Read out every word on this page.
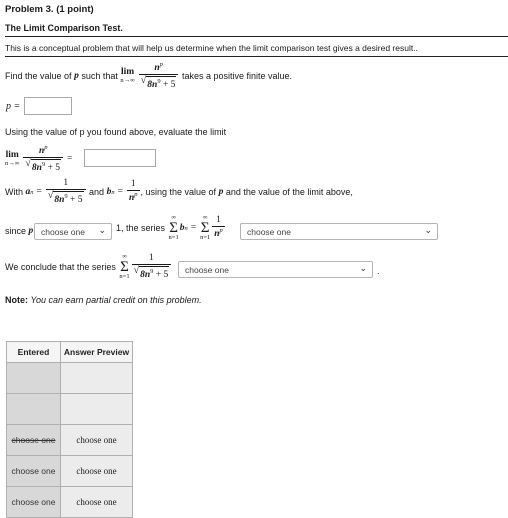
Problem 3. (1 point)
The Limit Comparison Test.
This is a conceptual problem that will help us determine when the limit comparison test gives a desired result..
Find the value of
p
such that
lim
$n\to\infty \frac{n^p}{√ 8n^9 + 5}$
takes a positive finite value.
p =
Using the value of p you found above, evaluate the limit
lim
$n\to\infty \frac{n^p}{√ 8n^9 + 5}$ =
With
a $n = \frac{1}{√ 8n^9 + 5}$
and
b $n = \frac{1}{n^p}$ , using the value of
p
and the value of the limit above,
since
p choose one ⌄ 1, the series

∞
Σ
n=1
b n =
∞
Σ
$n=1 \frac{1}{n^p}$	choose one	⌄
We conclude that the series

∞
Σ
$n=1 \frac{1}{√ 8n^9 + 5}$	choose one	⌄ .
Note: You can earn partial credit on this problem.
Entered	Answer Preview

choose one	choose one
choose one	choose one
choose one	choose one
